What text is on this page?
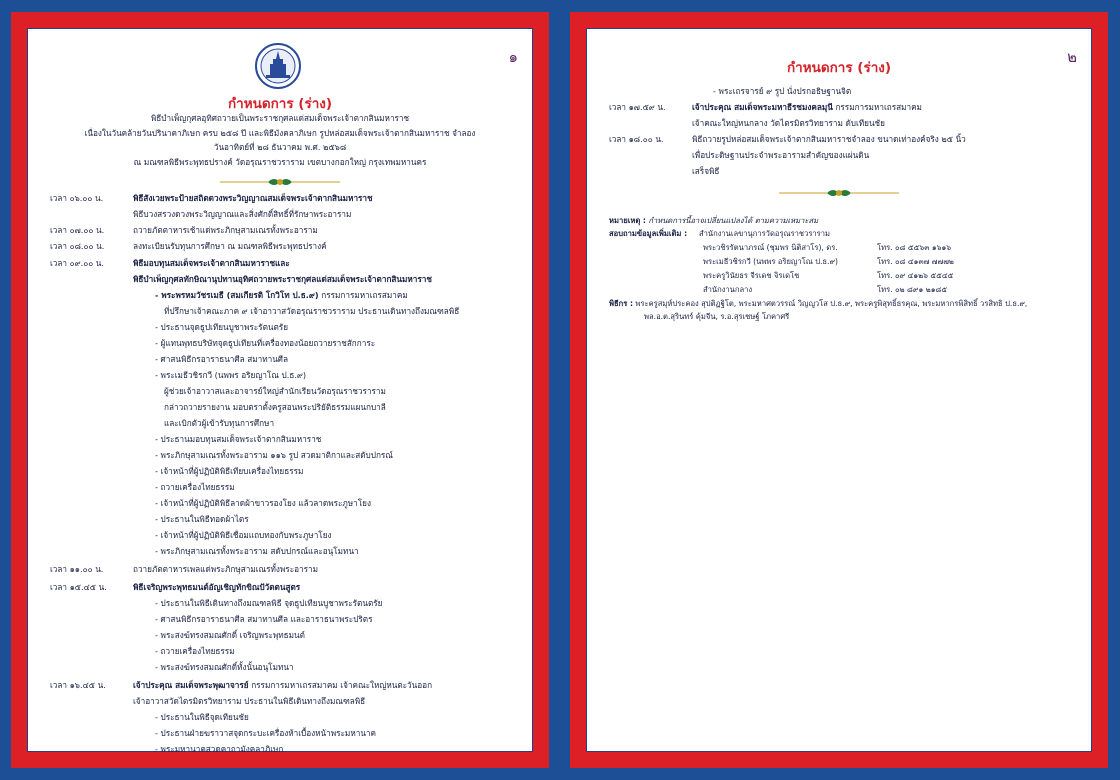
๑
กำหนดการ (ร่าง)
พิธีบำเพ็ญกุศลอุทิศถวายเป็นพระราชกุศลแด่สมเด็จพระเจ้าตากสินมหาราช
เนื่องในวันคล้ายวันปรินาคาภิเษก ครบ ๒๕๘ ปี และพิธีมังคลาภิเษก รูปหล่อสมเด็จพระเจ้าตากสินมหาราช จำลอง
วันอาทิตย์ที่ ๒๘ ธันวาคม พ.ศ. ๒๕๖๘
ณ มณฑลพิธีพระพุทธปรางค์ วัดอรุณราชวราราม เขตบางกอกใหญ่ กรุงเทพมหานคร
เวลา ๐๖.๐๐ น.	พิธีสังเวยพระป้ายสถิตดวงพระวิญญาณสมเด็จพระเจ้าตากสินมหาราช
พิธีบวงสรวงดวงพระวิญญาณและสิ่งศักดิ์สิทธิ์ที่รักษาพระอาราม
เวลา ๐๗.๐๐ น.	ถวายภัตตาหารเช้าแด่พระภิกษุสามเณรทั้งพระอาราม
เวลา ๐๘.๐๐ น.	ลงทะเบียนรับทุนการศึกษา ณ มณฑลพิธีพระพุทธปรางค์
เวลา ๐๙.๐๐ น.	พิธีมอบทุนสมเด็จพระเจ้าตากสินมหาราชและ
พิธีบำเพ็ญกุศลทักษิณานุปทานอุทิศถวายพระราชกุศลแด่สมเด็จพระเจ้าตากสินมหาราช
- พระพรหมวัชรเมธี (สมเกียรติ โกวิโท ป.ธ.๙) กรรมการมหาเถรสมาคม
ที่ปรึกษาเจ้าคณะภาค ๙ เจ้าอาวาสวัดอรุณราชวราราม ประธานเดินทางถึงมณฑลพิธี
- ประธานจุดธูปเทียนบูชาพระรัตนตรัย
- ผู้แทนพุทธบริษัทจุดธูปเทียนที่เครื่องทองน้อยถวายราชสักการะ
- ศาสนพิธีกรอาราธนาศีล สมาทานศีล
- พระเมธีวชิรกวี (นพพร อริยญาโณ ป.ธ.๙)
ผู้ช่วยเจ้าอาวาสและอาจารย์ใหญ่สำนักเรียนวัดอรุณราชวราราม
กล่าวถวายรายงาน มอบตราตั้งครูสอนพระปริยัติธรรมแผนกบาลี
และเบิกตัวผู้เข้ารับทุนการศึกษา
- ประธานมอบทุนสมเด็จพระเจ้าตากสินมหาราช
- พระภิกษุสามเณรทั้งพระอาราม ๑๑๖ รูป สวดมาติกาและสดับปกรณ์
- เจ้าหน้าที่ผู้ปฏิบัติพิธีเทียบเครื่องไทยธรรม
- ถวายเครื่องไทยธรรม
- เจ้าหน้าที่ผู้ปฏิบัติพิธีลาดผ้าขาวรองโยง แล้วลาดพระภูษาโยง
- ประธานในพิธีทอดผ้าไตร
- เจ้าหน้าที่ผู้ปฏิบัติพิธีเชื่อมแถบทองกับพระภูษาโยง
- พระภิกษุสามเณรทั้งพระอาราม สดับปกรณ์และอนุโมทนา
เวลา ๑๑.๐๐ น.	ถวายภัตตาหารเพลแด่พระภิกษุสามเณรทั้งพระอาราม
เวลา ๑๕.๔๕ น.	พิธีเจริญพระพุทธมนต์อัญเชิญทักขิณปัวัตตนสูตร
- ประธานในพิธีเดินทางถึงมณฑลพิธี จุดธูปเทียนบูชาพระรัตนตรัย
- ศาสนพิธีกรอาราธนาศีล สมาทานศีล และอาราธนาพระปริตร
- พระสงฆ์ทรงสมณศักดิ์ เจริญพระพุทธมนต์
- ถวายเครื่องไทยธรรม
- พระสงฆ์ทรงสมณศักดิ์ทั้งนั้นอนุโมทนา
เวลา ๑๖.๔๕ น.	เจ้าประคุณ สมเด็จพระพุฒาจารย์ กรรมการมหาเถรสมาคม เจ้าคณะใหญ่หนตะวันออก
เจ้าอาวาสวัดไตรมิตรวิทยาราม ประธานในพิธีเดินทางถึงมณฑลพิธี
- ประธานในพิธีจุดเทียนชัย
- ประธานฝ่ายฆราวาสจุดกระบะเครื่องห้าเบื้องหน้าพระมหานาค
- พระมหานาคสวดคาถามังคลาภิเษก
๒
กำหนดการ (ร่าง)
- พระเถรจารย์ ๙ รูป นั่งปรกอธิษฐานจิต
เวลา ๑๗.๕๙ น.	เจ้าประคุณ สมเด็จพระมหาธีรชมงคลมุนี กรรมการมหาเถรสมาคม
เจ้าคณะใหญ่หนกลาง วัดไตรมิตรวิทยาราม ดับเทียนชัย
เวลา ๑๘.๐๐ น.	พิธีถวายรูปหล่อสมเด็จพระเจ้าตากสินมหาราชจำลอง ขนาดเท่าองค์จริง ๒๕ นิ้ว
เพื่อประดิษฐานประจำพระอารามสำคัญของแผ่นดิน
เสร็จพิธี
หมายเหตุ : กำหนดการนี้อาจเปลี่ยนแปลงได้ ตามความเหมาะสม
สอบถามข้อมูลเพิ่มเติม : สำนักงานเลขานุการวัดอรุณราชวราราม
พระวชิรรัตนาภรณ์ (ชุมพร นิติสาโร), ดร.	โทร. ๐๘ ๕๕๖๓ ๑๖๑๖
พระเมธีวชิรกวี (นพพร อริยญาโณ ป.ธ.๙)	โทร. ๐๘ ๔๑๓๗ ๗๗๗๒
พระครูวินัยธร จีรเดช จิรเดโช	โทร. ๐๙ ๔๑๒๖ ๕๕๔๕
สำนักงานกลาง	โทร. ๐๒ ๘๙๑ ๒๑๘๕
พิธีกร : พระครูสมุห์ประคอง สุปติฏฐิโต, พระมหาศตวรรณ์ วิญญูวโส ป.ธ.๙, พระครูพิสุทธิ์ธรคุณ, พระมหากรพิสิทธิ์ วรสิทธิ ป.ธ.๙,
พล.อ.ต.สุรินทร์ คุ้มจีน, ร.อ.สุรเชษฐ์ โภคาศรี
